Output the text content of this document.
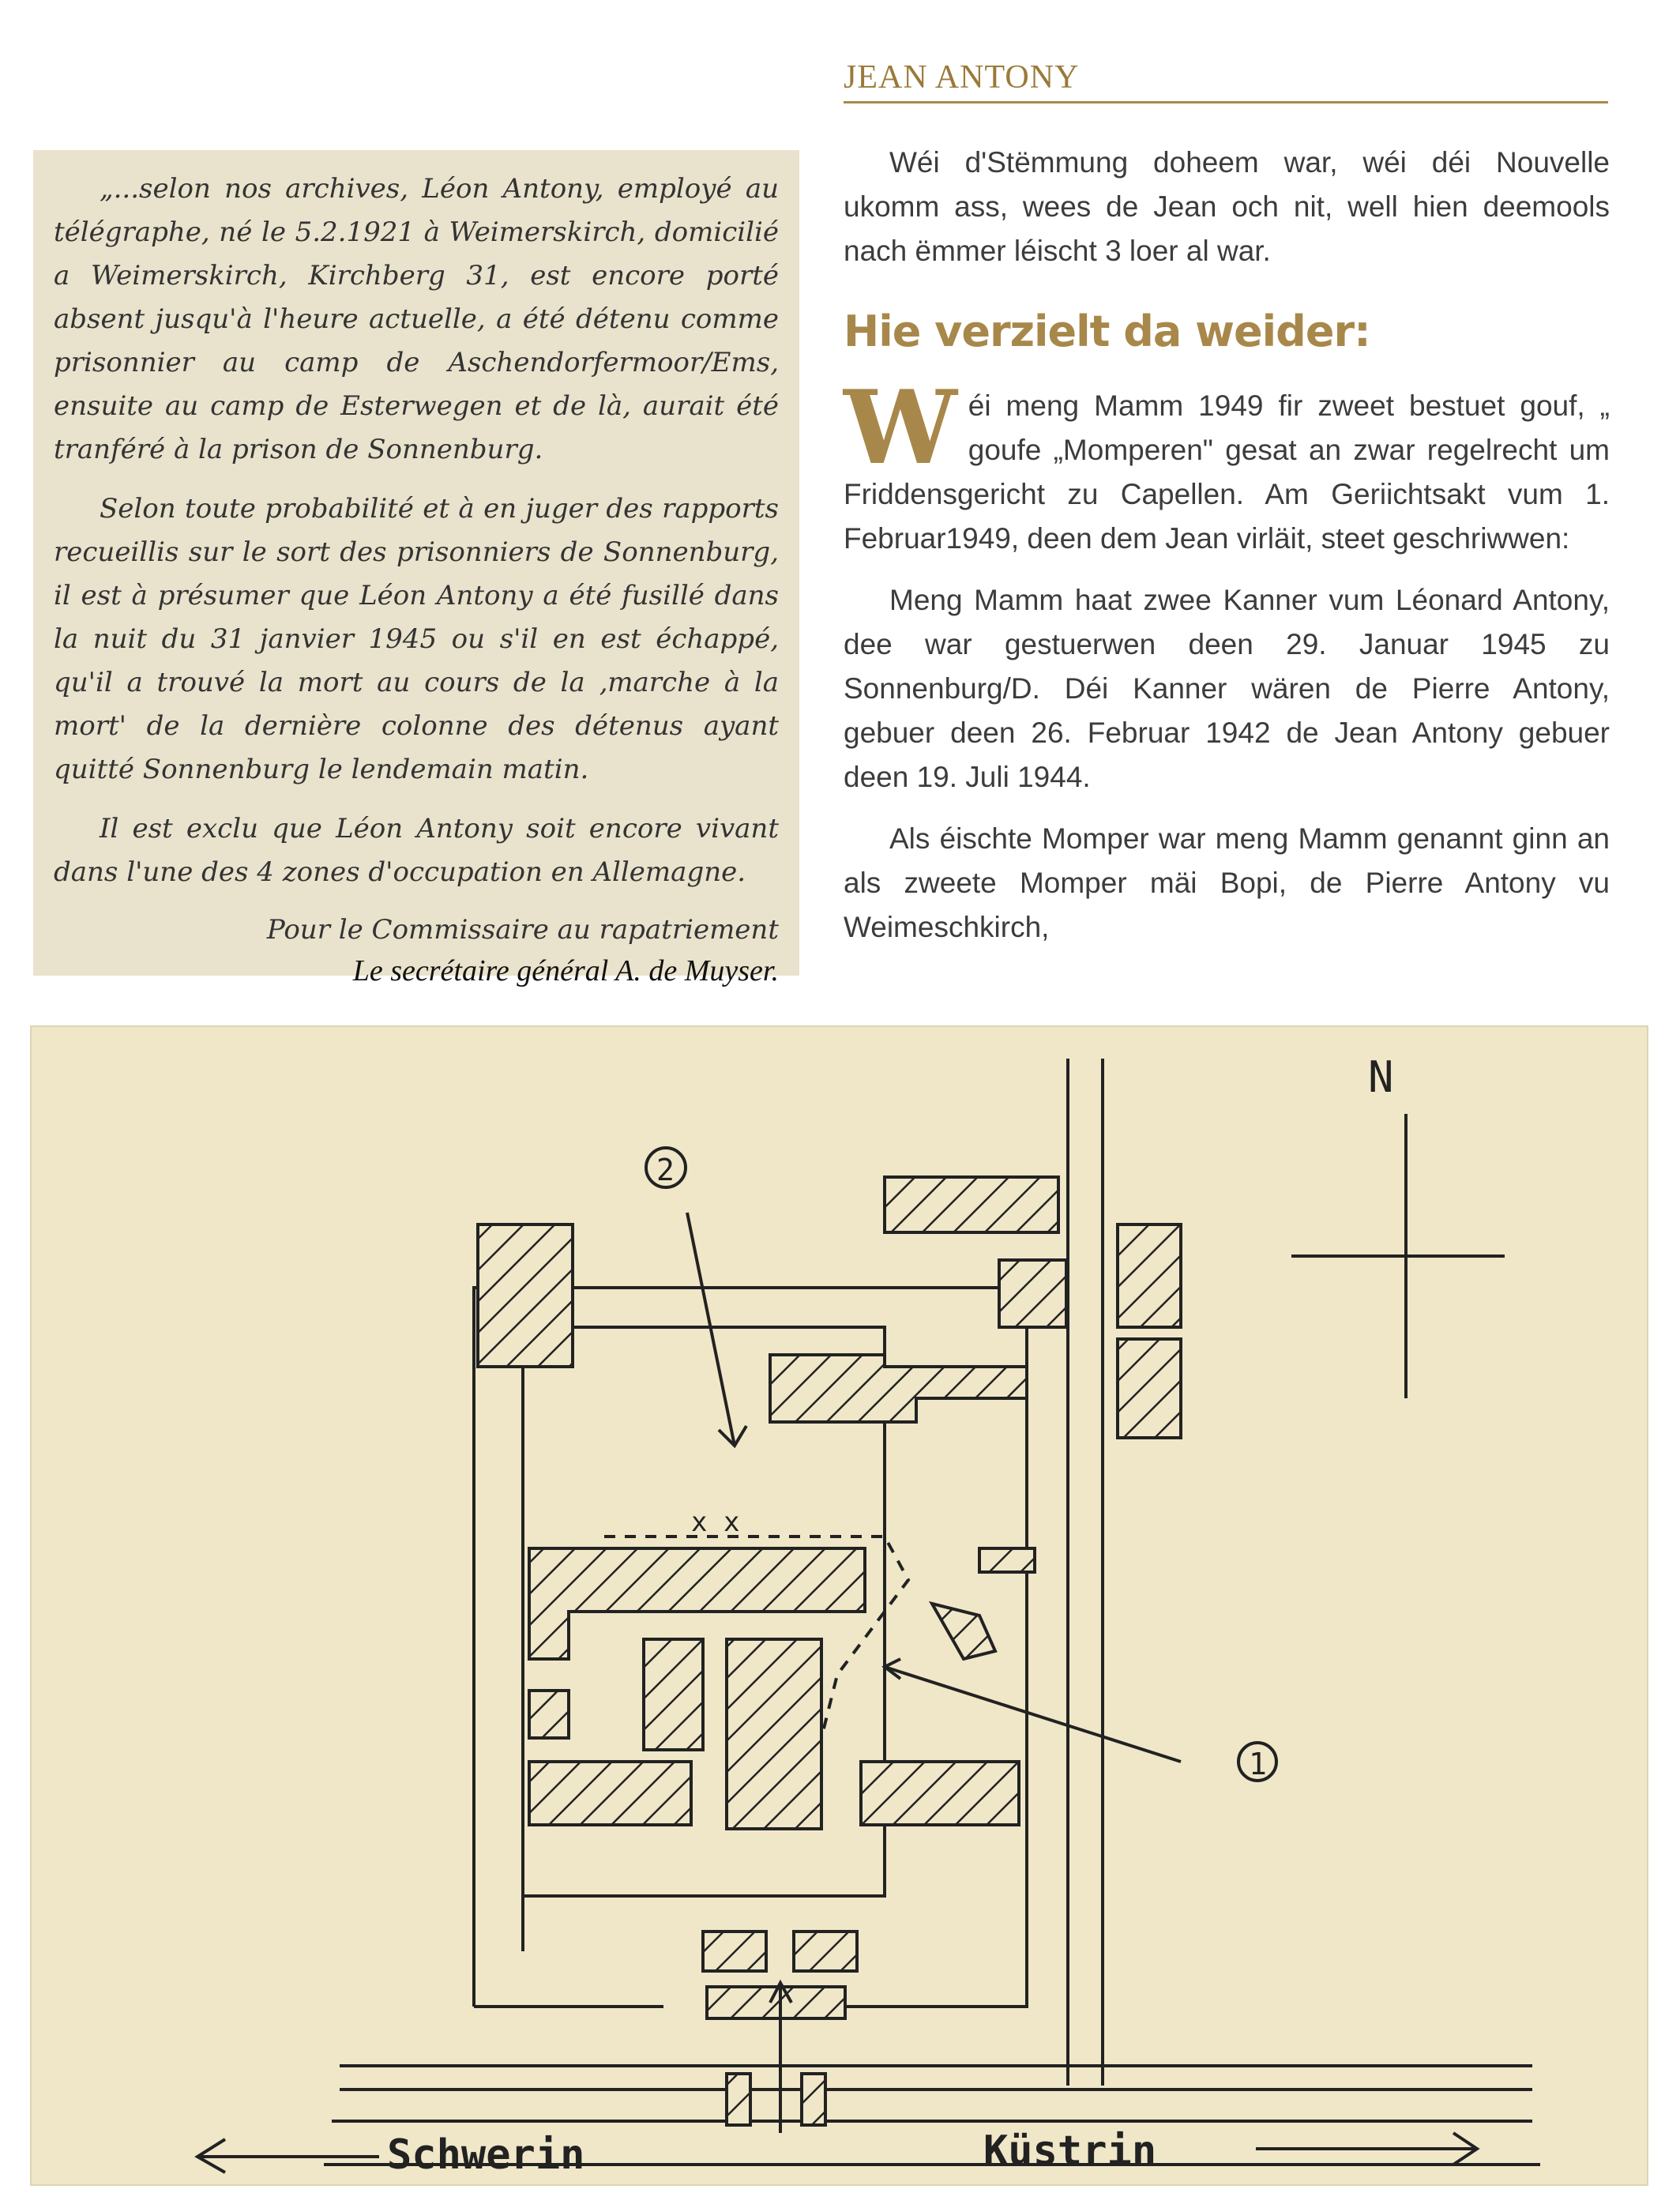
JEAN ANTONY

„...selon nos archives, Léon Antony, employé au télégraphe, né le 5.2.1921 à Weimerskirch, domicilié a Weimerskirch, Kirchberg 31, est encore porté absent jusqu'à l'heure actuelle, a été détenu comme prisonnier au camp de Aschendorfermoor/Ems, ensuite au camp de Esterwegen et de là, aurait été tranféré à la prison de Sonnenburg.

Selon toute probabilité et à en juger des rapports recueillis sur le sort des prisonniers de Sonnenburg, il est à présumer que Léon Antony a été fusillé dans la nuit du 31 janvier 1945 ou s'il en est échappé, qu'il a trouvé la mort au cours de la ‚marche à la mort' de la dernière colonne des détenus ayant quitté Sonnenburg le lendemain matin.

Il est exclu que Léon Antony soit encore vivant dans l'une des 4 zones d'occupation en Allemagne.

Pour le Commissaire au rapatriement

Le secrétaire général A. de Muyser.

Wéi d'Stëmmung doheem war, wéi déi Nouvelle ukomm ass, wees de Jean och nit, well hien deemools nach ëmmer léischt 3 loer al war.

Hie verzielt da weider:

Wéi meng Mamm 1949 fir zweet bestuet gouf, „ goufe „Momperen" gesat an zwar regelrecht um Friddensgericht zu Capellen. Am Geriichtsakt vum 1. Februar1949, deen dem Jean virläit, steet geschriwwen:

Meng Mamm haat zwee Kanner vum Léonard Antony, dee war gestuerwen deen 29. Januar 1945 zu Sonnenburg/D. Déi Kanner wären de Pierre Antony, gebuer deen 26. Februar 1942 de Jean Antony gebuer deen 19. Juli 1944.

Als éischte Momper war meng Mamm genannt ginn an als zweete Momper mäi Bopi, de Pierre Antony vu Weimeschkirch,

N
2
1
x x
Schwerin	Küstrin
